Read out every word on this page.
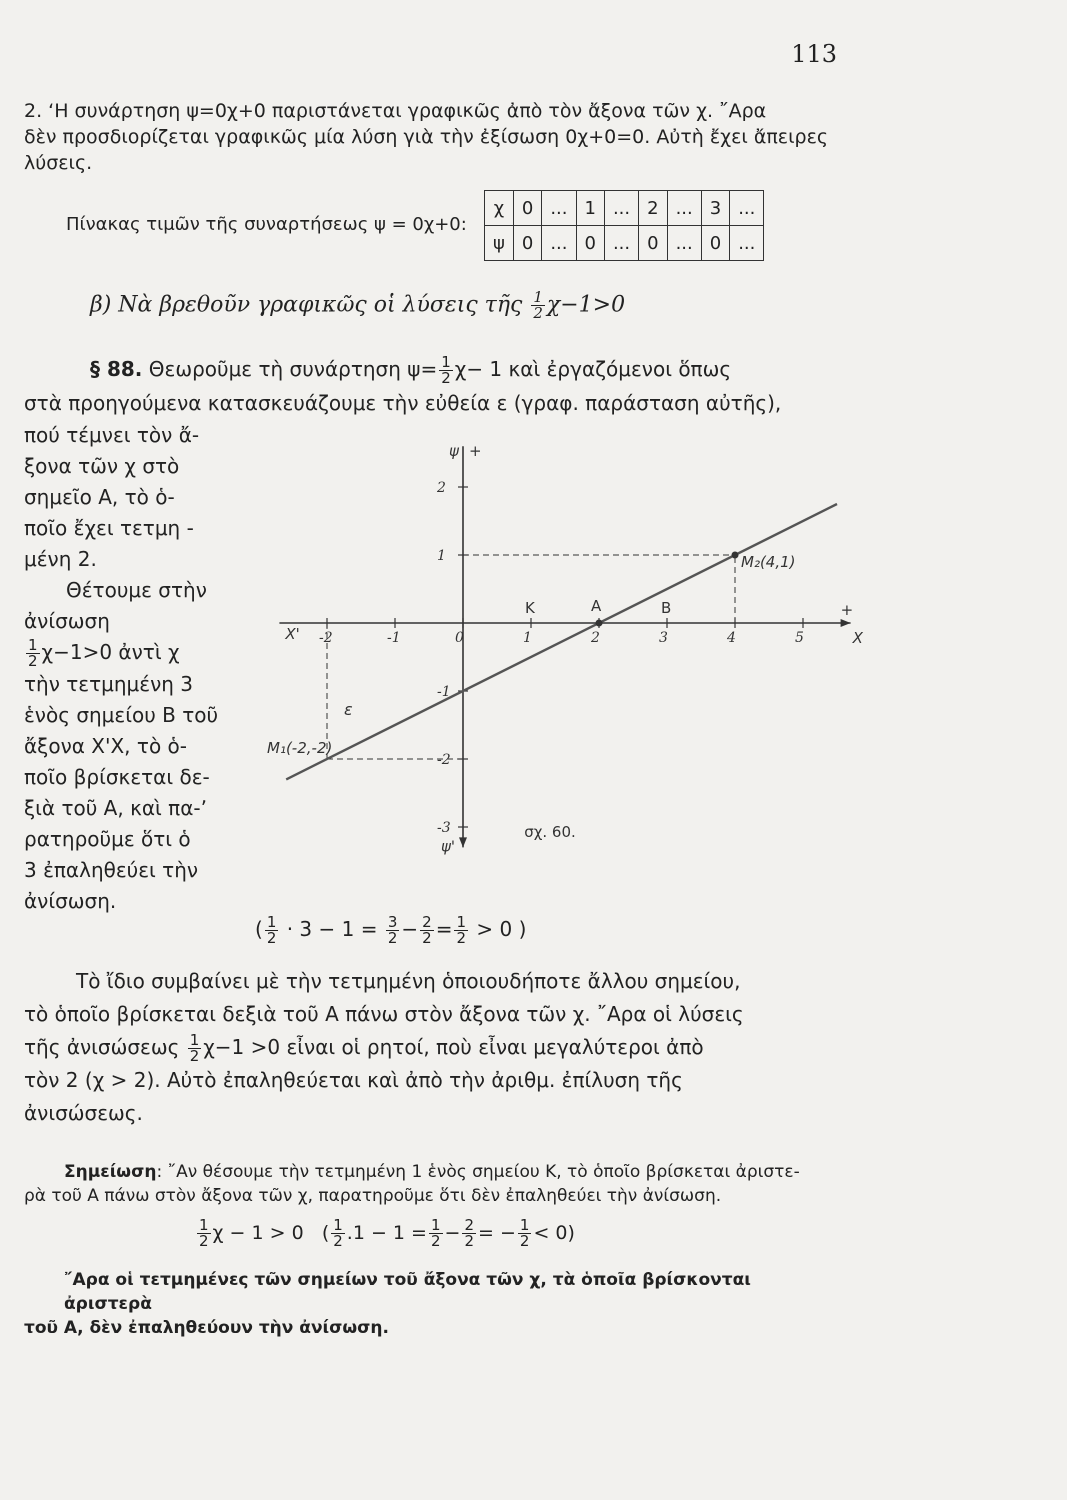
113
2. ‘Η συνάρτηση ψ=0χ+0 παριστάνεται γραφικῶς ἀπὸ τὸν ἄξονα τῶν χ. ῎Αρα
δὲν προσδιορίζεται γραφικῶς μία λύση γιὰ τὴν ἐξίσωση 0χ+0=0. Αὐτὴ ἔχει ἄπειρες
λύσεις.
Πίνακας τιμῶν τῆς συναρτήσεως ψ = 0χ+0:
χ	0	...	1	...	2	...	3	...
ψ	0	...	0	...	0	...	0	...
β) Νὰ βρεθοῦν γραφικῶς οἱ λύσεις τῆς $\frac{1}{2} \chi-1>0$
§ 88. Θεωροῦμε τὴ συνάρτηση $\psi= \frac{1}{2} \chi- 1$ καὶ ἐργαζόμενοι ὅπως
στὰ προηγούμενα κατασκευάζουμε τὴν εὐθεία ε (γραφ. παράσταση αὐτῆς),
πού τέμνει τὸν ἄ-
ξονα τῶν χ στὸ
σημεῖο Α, τὸ ὁ-
ποῖο ἔχει τετμη -
μένη 2.
Θέτουμε στὴν
ἀνίσωση
$\frac{1}{2} \chi-1>0$ ἀντὶ χ
τὴν τετμημένη 3
ἑνὸς σημείου Β τοῦ
ἄξονα Χ'Χ, τὸ ὁ-
ποῖο βρίσκεται δε-
ξιὰ τοῦ Α, καὶ πα-ʼ
ρατηροῦμε ὅτι ὁ
3 ἐπαληθεύει τὴν
ἀνίσωση.
-2	-1	0	1	2	3	4	5
-3
-2
-1
1
2
Χ'	Χ
+
ψ +
ψ'
ε
M₂(4,1)
M₁(-2,-2)
A
K	B
σχ. 60.
( $\frac{1}{2} \cdot 3 - 1 = \frac{3}{2} - \frac{2}{2} = \frac{1}{2} > 0$ )
Τὸ ἴδιο συμβαίνει μὲ τὴν τετμημένη ὁποιουδήποτε ἄλλου σημείου,
τὸ ὁποῖο βρίσκεται δεξιὰ τοῦ Α πάνω στὸν ἄξονα τῶν χ. ῎Αρα οἱ λύσεις
τῆς ἀνισώσεως $\frac{1}{2} \chi-1 >0$ εἶναι οἱ ρητοί, ποὺ εἶναι μεγαλύτεροι ἀπὸ
τὸν 2 (χ > 2). Αὐτὸ ἐπαληθεύεται καὶ ἀπὸ τὴν ἀριθμ. ἐπίλυση τῆς
ἀνισώσεως.
Σημείωση: ῎Αν θέσουμε τὴν τετμημένη 1 ἑνὸς σημείου Κ, τὸ ὁποῖο βρίσκεται ἀριστε-
ρὰ τοῦ Α πάνω στὸν ἄξονα τῶν χ, παρατηροῦμε ὅτι δὲν ἐπαληθεύει τὴν ἀνίσωση.
$\frac{1}{2}$ χ − 1 > 0 ( $\frac{1}{2} .1 - 1 = \frac{1}{2} - \frac{2}{2}$ = − $\frac{1}{2} < 0$)
῎Αρα οἱ τετμημένες τῶν σημείων τοῦ ἄξονα τῶν χ, τὰ ὁποῖα βρίσκονται ἀριστερὰ
τοῦ Α, δὲν ἐπαληθεύουν τὴν ἀνίσωση.
